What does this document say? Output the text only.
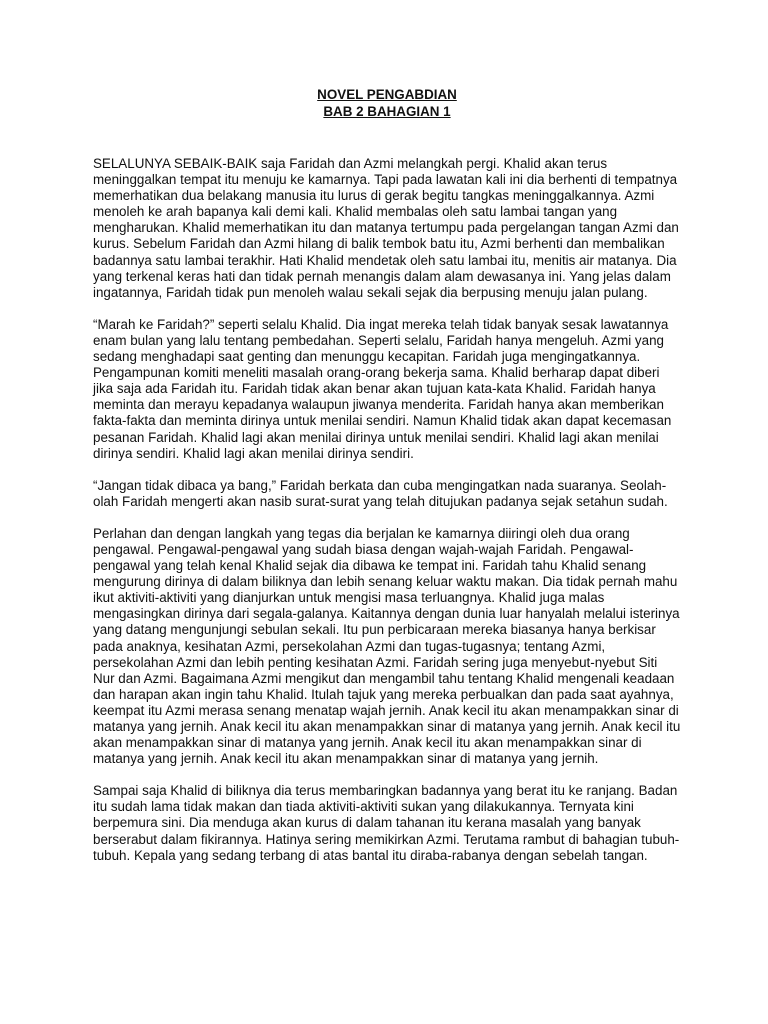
NOVEL PENGABDIAN
BAB 2 BAHAGIAN 1

SELALUNYA SEBAIK-BAIK saja Faridah dan Azmi melangkah pergi. Khalid akan terus meninggalkan tempat itu menuju ke kamarnya. Tapi pada lawatan kali ini dia berhenti di tempatnya memerhatikan dua belakang manusia itu lurus di gerak begitu tangkas meninggalkannya. Azmi menoleh ke arah bapanya kali demi kali. Khalid membalas oleh satu lambai tangan yang mengharukan. Khalid memerhatikan itu dan matanya tertumpu pada pergelangan tangan Azmi dan kurus. Sebelum Faridah dan Azmi hilang di balik tembok batu itu, Azmi berhenti dan membalikan badannya satu lambai terakhir. Hati Khalid mendetak oleh satu lambai itu, menitis air matanya. Dia yang terkenal keras hati dan tidak pernah menangis dalam alam dewasanya ini. Yang jelas dalam ingatannya, Faridah tidak pun menoleh walau sekali sejak dia berpusing menuju jalan pulang.

“Marah ke Faridah?” seperti selalu Khalid. Dia ingat mereka telah tidak banyak sesak lawatannya enam bulan yang lalu tentang pembedahan. Seperti selalu, Faridah hanya mengeluh. Azmi yang sedang menghadapi saat genting dan menunggu kecapitan. Faridah juga mengingatkannya. Pengampunan komiti meneliti masalah orang-orang bekerja sama. Khalid berharap dapat diberi jika saja ada Faridah itu. Faridah tidak akan benar akan tujuan kata-kata Khalid. Faridah hanya meminta dan merayu kepadanya walaupun jiwanya menderita. Faridah hanya akan memberikan fakta-fakta dan meminta dirinya untuk menilai sendiri. Namun Khalid tidak akan dapat kecemasan pesanan Faridah. Khalid lagi akan menilai dirinya untuk menilai sendiri. Khalid lagi akan menilai dirinya sendiri. Khalid lagi akan menilai dirinya sendiri.

“Jangan tidak dibaca ya bang,” Faridah berkata dan cuba mengingatkan nada suaranya. Seolah-olah Faridah mengerti akan nasib surat-surat yang telah ditujukan padanya sejak setahun sudah.

Perlahan dan dengan langkah yang tegas dia berjalan ke kamarnya diiringi oleh dua orang pengawal. Pengawal-pengawal yang sudah biasa dengan wajah-wajah Faridah. Pengawal-pengawal yang telah kenal Khalid sejak dia dibawa ke tempat ini. Faridah tahu Khalid senang mengurung dirinya di dalam biliknya dan lebih senang keluar waktu makan. Dia tidak pernah mahu ikut aktiviti-aktiviti yang dianjurkan untuk mengisi masa terluangnya. Khalid juga malas mengasingkan dirinya dari segala-galanya. Kaitannya dengan dunia luar hanyalah melalui isterinya yang datang mengunjungi sebulan sekali. Itu pun perbicaraan mereka biasanya hanya berkisar pada anaknya, kesihatan Azmi, persekolahan Azmi dan tugas-tugasnya; tentang Azmi, persekolahan Azmi dan lebih penting kesihatan Azmi. Faridah sering juga menyebut-nyebut Siti Nur dan Azmi. Bagaimana Azmi mengikut dan mengambil tahu tentang Khalid mengenali keadaan dan harapan akan ingin tahu Khalid. Itulah tajuk yang mereka perbualkan dan pada saat ayahnya, keempat itu Azmi merasa senang menatap wajah jernih. Anak kecil itu akan menampakkan sinar di matanya yang jernih. Anak kecil itu akan menampakkan sinar di matanya yang jernih. Anak kecil itu akan menampakkan sinar di matanya yang jernih. Anak kecil itu akan menampakkan sinar di matanya yang jernih. Anak kecil itu akan menampakkan sinar di matanya yang jernih.

Sampai saja Khalid di biliknya dia terus membaringkan badannya yang berat itu ke ranjang. Badan itu sudah lama tidak makan dan tiada aktiviti-aktiviti sukan yang dilakukannya. Ternyata kini berpemura sini. Dia menduga akan kurus di dalam tahanan itu kerana masalah yang banyak berserabut dalam fikirannya. Hatinya sering memikirkan Azmi. Terutama rambut di bahagian tubuh-tubuh. Kepala yang sedang terbang di atas bantal itu diraba-rabanya dengan sebelah tangan.
